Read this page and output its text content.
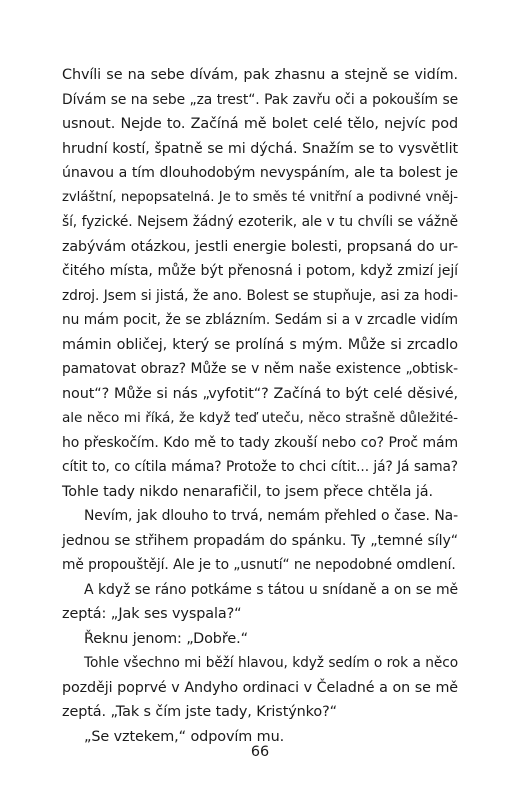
Chvíli se na sebe dívám, pak zhasnu a stejně se vidím.
Dívám se na sebe „za trest“. Pak zavřu oči a pokouším se
usnout. Nejde to. Začíná mě bolet celé tělo, nejvíc pod
hrudní kostí, špatně se mi dýchá. Snažím se to vysvětlit
únavou a tím dlouhodobým nevyspáním, ale ta bolest je
zvláštní, nepopsatelná. Je to směs té vnitřní a podivné vněj-
ší, fyzické. Nejsem žádný ezoterik, ale v tu chvíli se vážně
zabývám otázkou, jestli energie bolesti, propsaná do ur-
čitého místa, může být přenosná i potom, když zmizí její
zdroj. Jsem si jistá, že ano. Bolest se stupňuje, asi za hodi-
nu mám pocit, že se zblázním. Sedám si a v zrcadle vidím
mámin obličej, který se prolíná s mým. Může si zrcadlo
pamatovat obraz? Může se v něm naše existence „obtisk-
nout“? Může si nás „vyfotit“? Začíná to být celé děsivé,
ale něco mi říká, že když teď uteču, něco strašně důležité-
ho přeskočím. Kdo mě to tady zkouší nebo co? Proč mám
cítit to, co cítila máma? Protože to chci cítit... já? Já sama?
Tohle tady nikdo nenarafičil, to jsem přece chtěla já.
Nevím, jak dlouho to trvá, nemám přehled o čase. Na-
jednou se střihem propadám do spánku. Ty „temné síly“
mě propouštějí. Ale je to „usnutí“ ne nepodobné omdlení.
A když se ráno potkáme s tátou u snídaně a on se mě
zeptá: „Jak ses vyspala?“
Řeknu jenom: „Dobře.“
Tohle všechno mi běží hlavou, když sedím o rok a něco
později poprvé v Andyho ordinaci v Čeladné a on se mě
zeptá. „Tak s čím jste tady, Kristýnko?“
„Se vztekem,“ odpovím mu.
66
